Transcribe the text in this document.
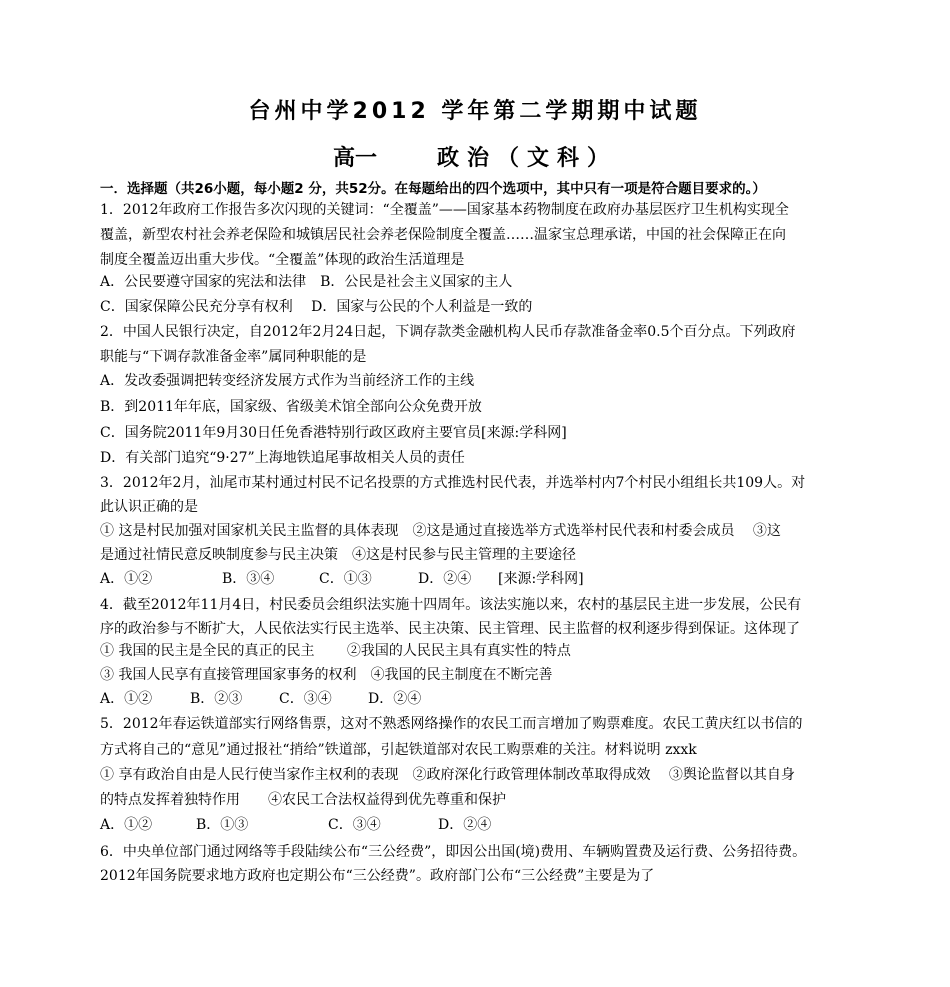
台州中学2012 学年第二学期期中试题
高一	政治（文科）
一．选择题（共26小题，每小题2 分，共52分。在每题给出的四个选项中，其中只有一项是符合题目要求的。）
1．2012年政府工作报告多次闪现的关键词：“全覆盖”——国家基本药物制度在政府办基层医疗卫生机构实现全
覆盖，新型农村社会养老保险和城镇居民社会养老保险制度全覆盖……温家宝总理承诺，中国的社会保障正在向
制度全覆盖迈出重大步伐。“全覆盖”体现的政治生活道理是
A．公民要遵守国家的宪法和法律　B．公民是社会主义国家的主人
C．国家保障公民充分享有权利　 D．国家与公民的个人利益是一致的
2．中国人民银行决定，自2012年2月24日起，下调存款类金融机构人民币存款准备金率0.5个百分点。下列政府
职能与“下调存款准备金率”属同种职能的是
A．发改委强调把转变经济发展方式作为当前经济工作的主线
B．到2011年年底，国家级、省级美术馆全部向公众免费开放
C．国务院2011年9月30日任免香港特别行政区政府主要官员[来源:学科网]
D．有关部门追究“9·27”上海地铁追尾事故相关人员的责任
3．2012年2月，汕尾市某村通过村民不记名投票的方式推选村民代表，并选举村内7个村民小组组长共109人。对
此认识正确的是
① 这是村民加强对国家机关民主监督的具体表现　②这是通过直接选举方式选举村民代表和村委会成员　 ③这
是通过社情民意反映制度参与民主决策　④这是村民参与民主管理的主要途径
A．①②	B．③④	C．①③	D．②④ [来源:学科网]
4．截至2012年11月4日，村民委员会组织法实施十四周年。该法实施以来，农村的基层民主进一步发展，公民有
序的政治参与不断扩大，人民依法实行民主选举、民主决策、民主管理、民主监督的权利逐步得到保证。这体现了
① 我国的民主是全民的真正的民主　　 ②我国的人民民主具有真实性的特点
③ 我国人民享有直接管理国家事务的权利　④我国的民主制度在不断完善
A．①②	B．②③	C．③④	D．②④
5．2012年春运铁道部实行网络售票，这对不熟悉网络操作的农民工而言增加了购票难度。农民工黄庆红以书信的
方式将自己的“意见”通过报社“捎给”铁道部，引起铁道部对农民工购票难的关注。材料说明 zxxk
① 享有政治自由是人民行使当家作主权利的表现　②政府深化行政管理体制改革取得成效　 ③舆论监督以其自身
的特点发挥着独特作用　　④农民工合法权益得到优先尊重和保护
A．①②	B．①③	C．③④	D．②④
6．中央单位部门通过网络等手段陆续公布“三公经费”，即因公出国(境)费用、车辆购置费及运行费、公务招待费。
2012年国务院要求地方政府也定期公布“三公经费”。政府部门公布“三公经费”主要是为了
